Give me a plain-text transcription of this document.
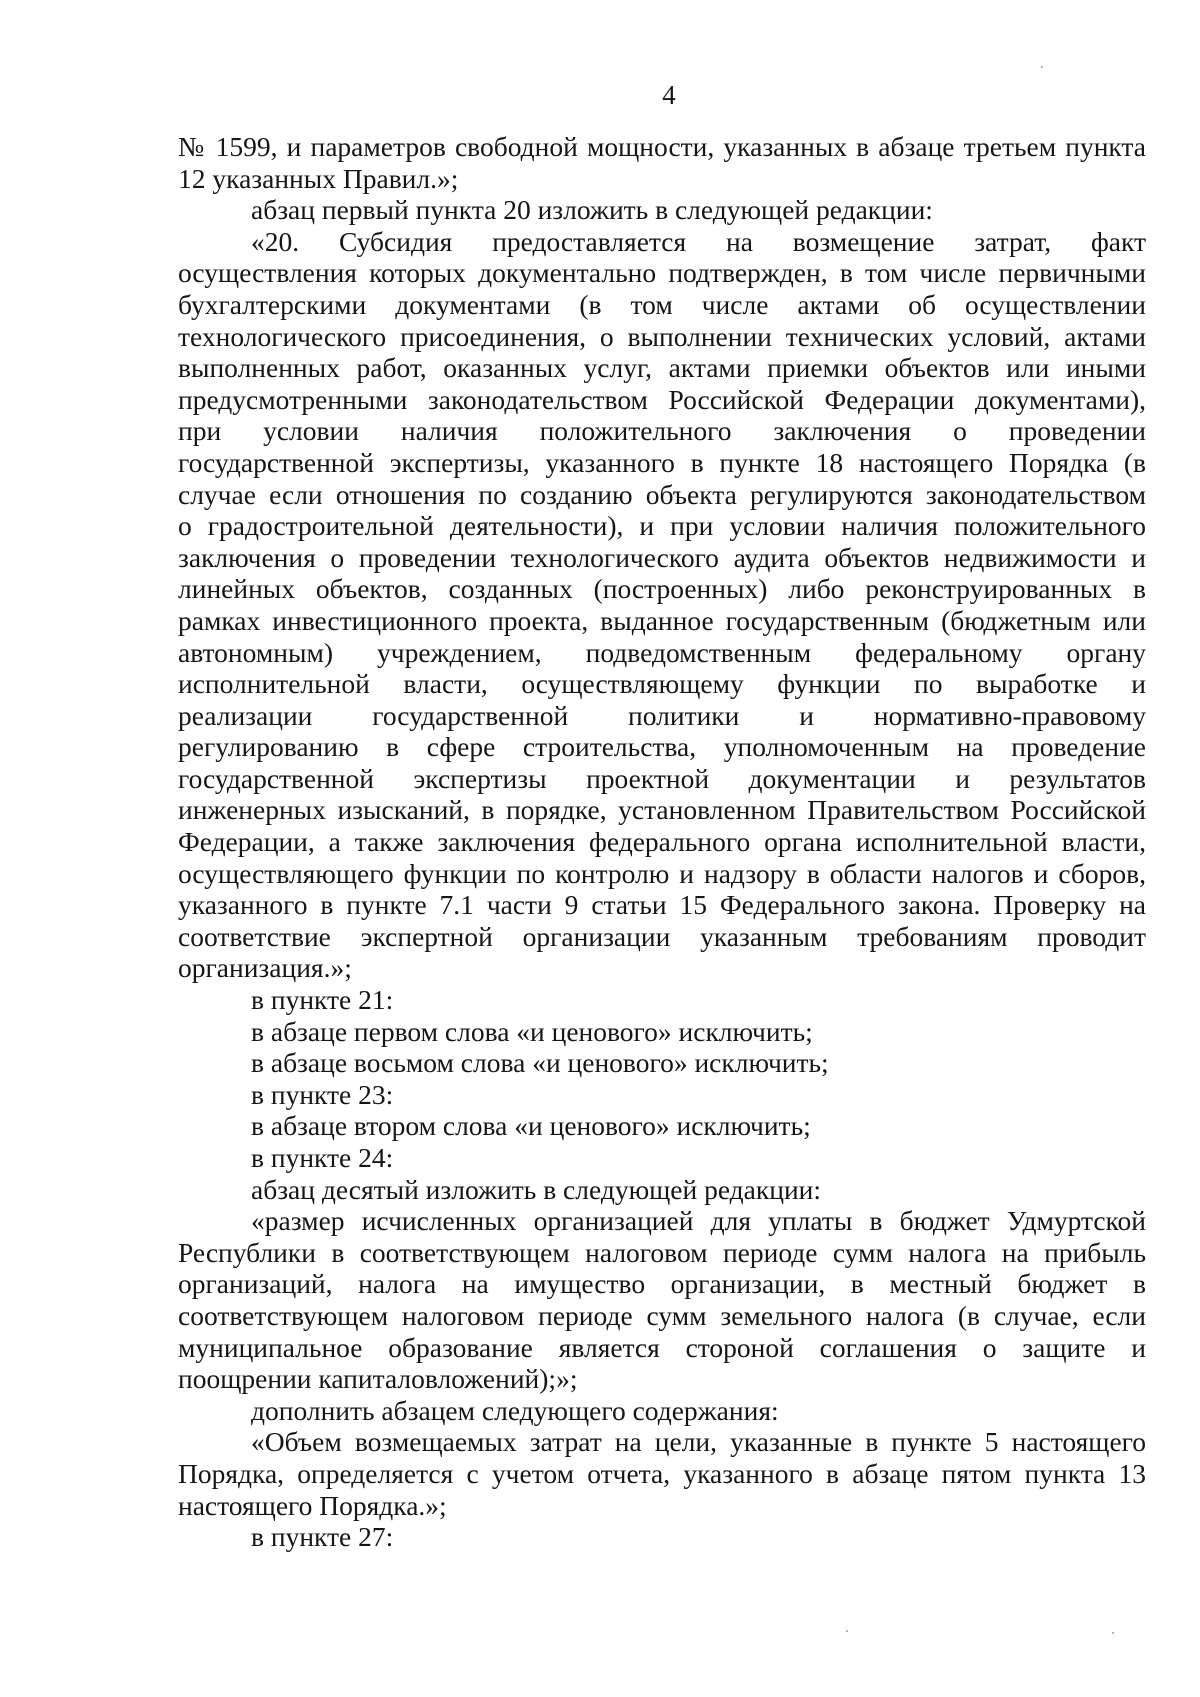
4

№ 1599, и параметров свободной мощности, указанных в абзаце третьем пункта

12 указанных Правил.»;

абзац первый пункта 20 изложить в следующей редакции:

«20. Субсидия предоставляется на возмещение затрат, факт

осуществления которых документально подтвержден, в том числе первичными

бухгалтерскими документами (в том числе актами об осуществлении

технологического присоединения, о выполнении технических условий, актами

выполненных работ, оказанных услуг, актами приемки объектов или иными

предусмотренными законодательством Российской Федерации документами),

при условии наличия положительного заключения о проведении

государственной экспертизы, указанного в пункте 18 настоящего Порядка (в

случае если отношения по созданию объекта регулируются законодательством

о градостроительной деятельности), и при условии наличия положительного

заключения о проведении технологического аудита объектов недвижимости и

линейных объектов, созданных (построенных) либо реконструированных в

рамках инвестиционного проекта, выданное государственным (бюджетным или

автономным) учреждением, подведомственным федеральному органу

исполнительной власти, осуществляющему функции по выработке и

реализации государственной политики и нормативно-правовому

регулированию в сфере строительства, уполномоченным на проведение

государственной экспертизы проектной документации и результатов

инженерных изысканий, в порядке, установленном Правительством Российской

Федерации, а также заключения федерального органа исполнительной власти,

осуществляющего функции по контролю и надзору в области налогов и сборов,

указанного в пункте 7.1 части 9 статьи 15 Федерального закона. Проверку на

соответствие экспертной организации указанным требованиям проводит

организация.»;

в пункте 21:

в абзаце первом слова «и ценового» исключить;

в абзаце восьмом слова «и ценового» исключить;

в пункте 23:

в абзаце втором слова «и ценового» исключить;

в пункте 24:

абзац десятый изложить в следующей редакции:

«размер исчисленных организацией для уплаты в бюджет Удмуртской

Республики в соответствующем налоговом периоде сумм налога на прибыль

организаций, налога на имущество организации, в местный бюджет в

соответствующем налоговом периоде сумм земельного налога (в случае, если

муниципальное образование является стороной соглашения о защите и

поощрении капиталовложений);»;

дополнить абзацем следующего содержания:

«Объем возмещаемых затрат на цели, указанные в пункте 5 настоящего

Порядка, определяется с учетом отчета, указанного в абзаце пятом пункта 13

настоящего Порядка.»;

в пункте 27:
